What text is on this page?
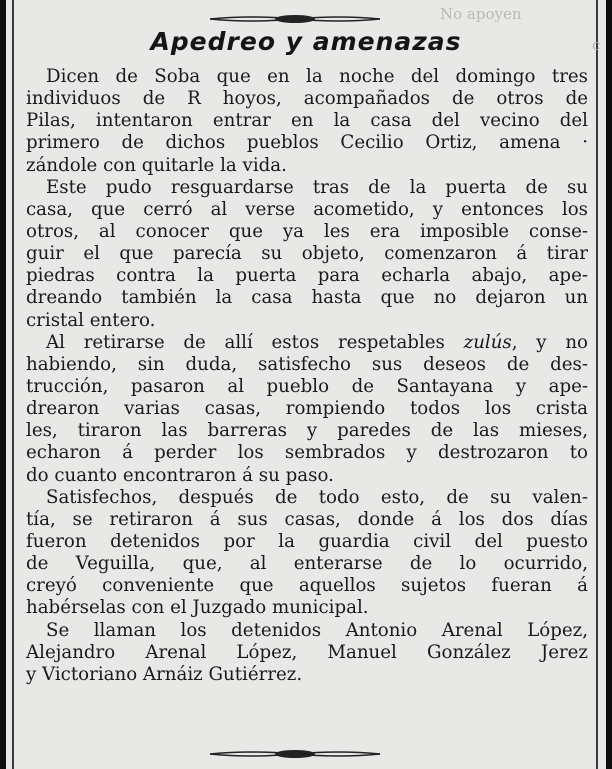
No apoyen
c
Apedreo y amenazas
Dicen de Soba que en la noche del domingo tres
individuos de R hoyos, acompañados de otros de
Pilas, intentaron entrar en la casa del vecino del
primero de dichos pueblos Cecilio Ortiz, amena ·
zándole con quitarle la vida.
Este pudo resguardarse tras de la puerta de su
casa, que cerró al verse acometido, y entonces los
otros, al conocer que ya les era imposible conse-
guir el que parecía su objeto, comenzaron á tirar
piedras contra la puerta para echarla abajo, ape-
dreando también la casa hasta que no dejaron un
cristal entero.
Al retirarse de allí estos respetables zulús, y no
habiendo, sin duda, satisfecho sus deseos de des-
trucción, pasaron al pueblo de Santayana y ape-
drearon varias casas, rompiendo todos los crista
les, tiraron las barreras y paredes de las mieses,
echaron á perder los sembrados y destrozaron to
do cuanto encontraron á su paso.
Satisfechos, después de todo esto, de su valen-
tía, se retiraron á sus casas, donde á los dos días
fueron detenidos por la guardia civil del puesto
de Veguilla, que, al enterarse de lo ocurrido,
creyó conveniente que aquellos sujetos fueran á
habérselas con el Juzgado municipal.
Se llaman los detenidos Antonio Arenal López,
Alejandro Arenal López, Manuel González Jerez
y Victoriano Arnáiz Gutiérrez.
